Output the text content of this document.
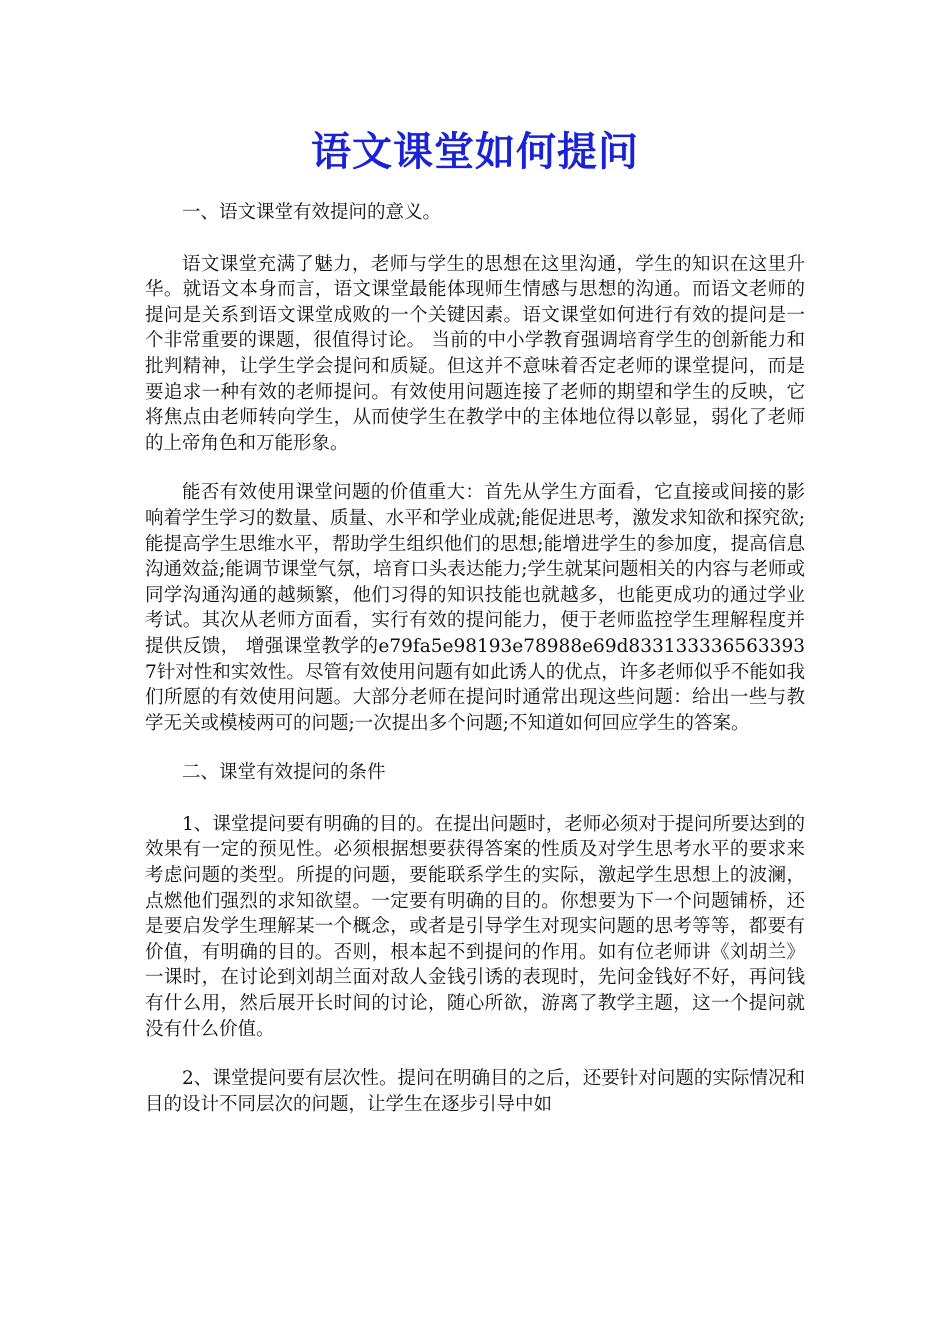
语文课堂如何提问

一、语文课堂有效提问的意义。

语文课堂充满了魅力，老师与学生的思想在这里沟通，学生的知识在这里升华。就语文本身而言，语文课堂最能体现师生情感与思想的沟通。而语文老师的提问是关系到语文课堂成败的一个关键因素。语文课堂如何进行有效的提问是一个非常重要的课题，很值得讨论。 当前的中小学教育强调培育学生的创新能力和批判精神，让学生学会提问和质疑。但这并不意味着否定老师的课堂提问，而是要追求一种有效的老师提问。有效使用问题连接了老师的期望和学生的反映，它将焦点由老师转向学生，从而使学生在教学中的主体地位得以彰显，弱化了老师的上帝角色和万能形象。

能否有效使用课堂问题的价值重大：首先从学生方面看，它直接或间接的影响着学生学习的数量、质量、水平和学业成就;能促进思考，激发求知欲和探究欲;能提高学生思维水平，帮助学生组织他们的思想;能增进学生的参加度，提高信息沟通效益;能调节课堂气氛，培育口头表达能力;学生就某问题相关的内容与老师或同学沟通沟通的越频繁，他们习得的知识技能也就越多，也能更成功的通过学业考试。其次从老师方面看，实行有效的提问能力，便于老师监控学生理解程度并提供反馈， 增强课堂教学的e79fa5e98193e78988e69d8331333365633937针对性和实效性。尽管有效使用问题有如此诱人的优点，许多老师似乎不能如我们所愿的有效使用问题。大部分老师在提问时通常出现这些问题：给出一些与教学无关或模棱两可的问题;一次提出多个问题;不知道如何回应学生的答案。

二、课堂有效提问的条件

1、课堂提问要有明确的目的。在提出问题时，老师必须对于提问所要达到的效果有一定的预见性。必须根据想要获得答案的性质及对学生思考水平的要求来考虑问题的类型。所提的问题，要能联系学生的实际，激起学生思想上的波澜，点燃他们强烈的求知欲望。一定要有明确的目的。你想要为下一个问题铺桥，还是要启发学生理解某一个概念，或者是引导学生对现实问题的思考等等，都要有价值，有明确的目的。否则，根本起不到提问的作用。如有位老师讲《刘胡兰》一课时，在讨论到刘胡兰面对敌人金钱引诱的表现时，先问金钱好不好，再问钱有什么用，然后展开长时间的讨论，随心所欲，游离了教学主题，这一个提问就没有什么价值。

2、课堂提问要有层次性。提问在明确目的之后，还要针对问题的实际情况和目的设计不同层次的问题，让学生在逐步引导中如
